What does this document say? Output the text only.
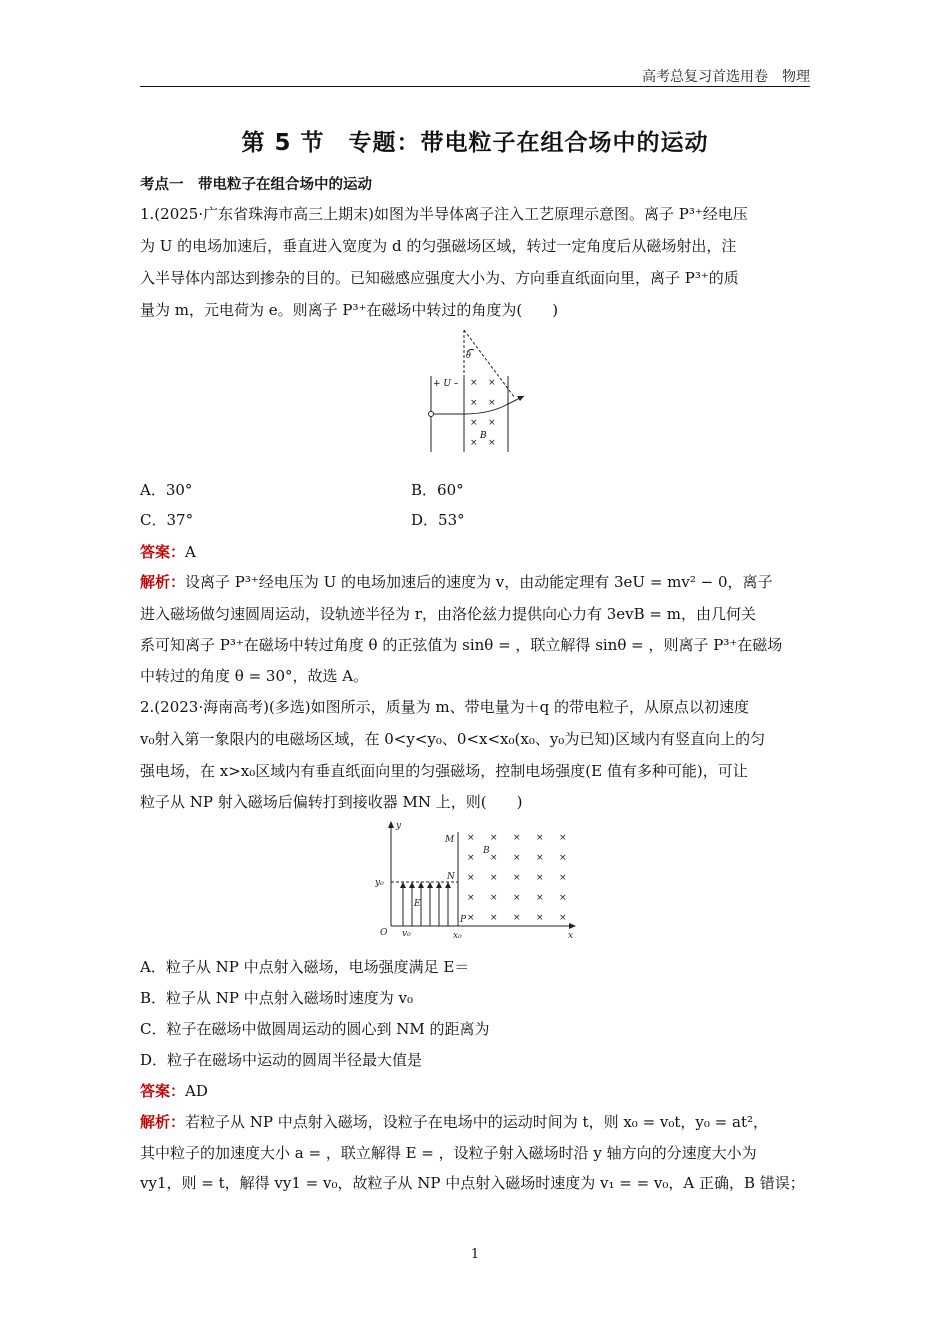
高考总复习首选用卷　物理
第 5 节　专题：带电粒子在组合场中的运动
考点一　带电粒子在组合场中的运动
1.(2025·广东省珠海市高三上期末)如图为半导体离子注入工艺原理示意图。离子 P³⁺经电压
为 U 的电场加速后，垂直进入宽度为 d 的匀强磁场区域，转过一定角度后从磁场射出，注
入半导体内部达到掺杂的目的。已知磁感应强度大小为、方向垂直纸面向里，离子 P³⁺的质
量为 m，元电荷为 e。则离子 P³⁺在磁场中转过的角度为(　　)
× ×
× ×
× ×
× ×
+ U –
B
θ
A．30°	B．60°
C．37°	D．53°
答案：A
解析：设离子 P³⁺经电压为 U 的电场加速后的速度为 v，由动能定理有 3eU = mv² − 0，离子
进入磁场做匀速圆周运动，设轨迹半径为 r，由洛伦兹力提供向心力有 3evB = m，由几何关
系可知离子 P³⁺在磁场中转过角度 θ 的正弦值为 sinθ = ，联立解得 sinθ = ，则离子 P³⁺在磁场
中转过的角度 θ = 30°，故选 A。
2.(2023·海南高考)(多选)如图所示，质量为 m、带电量为＋q 的带电粒子，从原点以初速度
v₀射入第一象限内的电磁场区域，在 0<y<y₀、0<x<x₀(x₀、y₀为已知)区域内有竖直向上的匀
强电场，在 x>x₀区域内有垂直纸面向里的匀强磁场，控制电场强度(E 值有多种可能)，可让
粒子从 NP 射入磁场后偏转打到接收器 MN 上，则(　　)
× × × × ×
× × × × ×
× × × × ×
× × × × ×
× × × × ×
y
x
O
M
N
P
B
E
y₀
x₀
v₀
A．粒子从 NP 中点射入磁场，电场强度满足 E＝
B．粒子从 NP 中点射入磁场时速度为 v₀
C．粒子在磁场中做圆周运动的圆心到 NM 的距离为
D．粒子在磁场中运动的圆周半径最大值是
答案：AD
解析：若粒子从 NP 中点射入磁场，设粒子在电场中的运动时间为 t，则 x₀ = v₀t，y₀ = at²，
其中粒子的加速度大小 a = ，联立解得 E = ，设粒子射入磁场时沿 y 轴方向的分速度大小为
vy1，则 = t，解得 vy1 = v₀，故粒子从 NP 中点射入磁场时速度为 v₁ = = v₀，A 正确，B 错误；
1
